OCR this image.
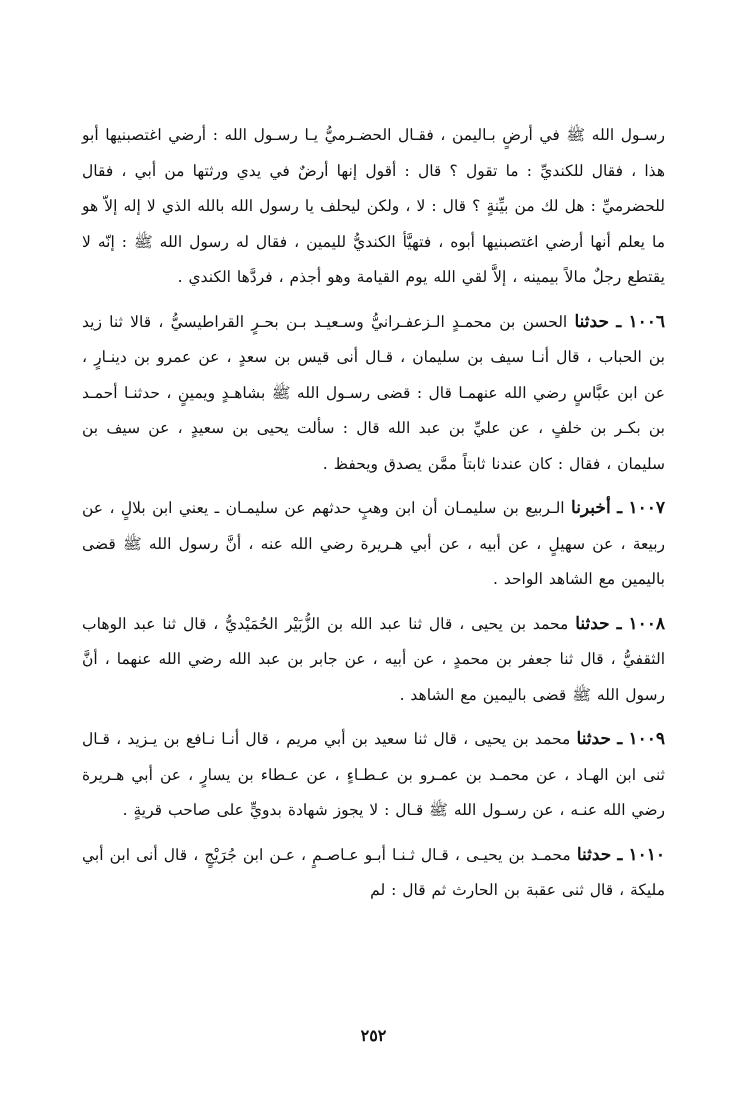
رسـول الله ﷺ في أرضٍ بـاليمن ، فقـال الحضـرميُّ يـا رسـول الله : أرضي اغتصبنيها أبو هذا ، فقال للكنديِّ : ما تقول ؟ قال : أقول إنها أرضٌ في يدي ورثتها من أبي ، فقال للحضرميِّ : هل لك من بيِّنةٍ ؟ قال : لا ، ولكن ليحلف يا رسول الله بالله الذي لا إله إلاّ هو ما يعلم أنها أرضي اغتصبنيها أبوه ، فتهيَّأ الكنديُّ لليمين ، فقال له رسول الله ﷺ : إنّه لا يقتطع رجلٌ مالاً بيمينه ، إلاَّ لقي الله يوم القيامة وهو أجذم ، فردَّها الكندي .

١٠٠٦ ـ حدثنا الحسن بن محمـدٍ الـزعفـرانيُّ وسـعيـد بـن بحـرٍ القراطيسيُّ ، قالا ثنا زيد بن الحباب ، قال أنـا سيف بن سليمان ، قـال أنى قيس بن سعدٍ ، عن عمرو بن دينـارٍ ، عن ابن عبَّاسٍ رضي الله عنهمـا قال : قضى رسـول الله ﷺ بشاهـدٍ ويمينٍ ، حدثنـا أحمـد بن بكـر بن خلفٍ ، عن عليِّ بن عبد الله قال : سألت يحيى بن سعيدٍ ، عن سيف بن سليمان ، فقال : كان عندنا ثابتاً ممَّن يصدق ويحفظ .

١٠٠٧ ـ أخبرنا الـربيع بن سليمـان أن ابن وهبٍ حدثهم عن سليمـان ـ يعني ابن بلالٍ ، عن ربيعة ، عن سهيلٍ ، عن أبيه ، عن أبي هـريرة رضي الله عنه ، أنَّ رسول الله ﷺ قضى باليمين مع الشاهد الواحد .

١٠٠٨ ـ حدثنا محمد بن يحيى ، قال ثنا عبد الله بن الزُّبَيْر الحُمَيْديُّ ، قال ثنا عبد الوهاب الثقفيُّ ، قال ثنا جعفر بن محمدٍ ، عن أبيه ، عن جابر بن عبد الله رضي الله عنهما ، أنَّ رسول الله ﷺ قضى باليمين مع الشاهد .

١٠٠٩ ـ حدثنا محمد بن يحيى ، قال ثنا سعيد بن أبي مريم ، قال أنـا نـافع بن يـزيد ، قـال ثنى ابن الهـاد ، عن محمـد بن عمـرو بن عـطـاءٍ ، عن عـطاء بن يسارٍ ، عن أبي هـريرة رضي الله عنـه ، عن رسـول الله ﷺ قـال : لا يجوز شهادة بدويٍّ على صاحب قريةٍ .

١٠١٠ ـ حدثنا محمـد بن يحيـى ، قـال ثـنـا أبـو عـاصـمٍ ، عـن ابن جُرَيْجٍ ، قال أنى ابن أبي مليكة ، قال ثنى عقبة بن الحارث ثم قال : لم

٢٥٢
